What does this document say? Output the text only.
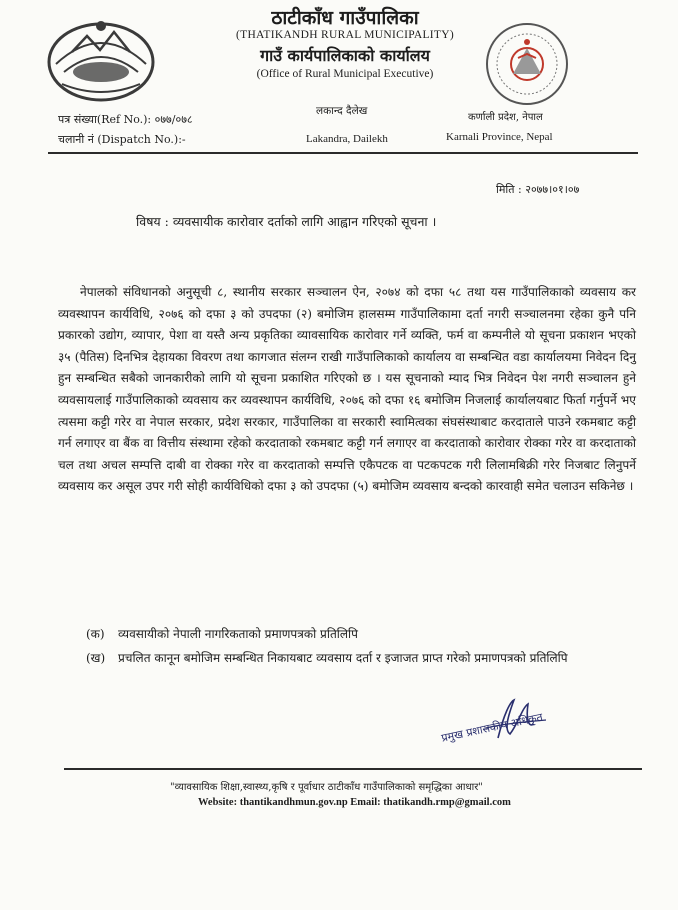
ठाटीकाँध गाउँपालिका
(THATIKANDH RURAL MUNICIPALITY)
गाउँ कार्यपालिकाको कार्यालय
(Office of Rural Municipal Executive)
लकान्द दैलेख
कर्णाली प्रदेश, नेपाल
पत्र संख्या(Ref No.): ०७७/०७८
चलानी नं (Dispatch No.):-	Lakandra, Dailekh	Karnali Province, Nepal
मिति : २०७७।०१।०७
विषय : व्यवसायीक कारोवार दर्ताको लागि आह्वान गरिएको सूचना ।
नेपालको संविधानको अनुसूची ८, स्थानीय सरकार सञ्चालन ऐन, २०७४ को दफा ५८ तथा यस गाउँपालिकाको व्यवसाय कर व्यवस्थापन कार्यविधि, २०७६ को दफा ३ को उपदफा (२) बमोजिम हालसम्म गाउँपालिकामा दर्ता नगरी सञ्चालनमा रहेका कुनै पनि प्रकारको उद्योग, व्यापार, पेशा वा यस्तै अन्य प्रकृतिका व्यावसायिक कारोवार गर्ने व्यक्ति, फर्म वा कम्पनीले यो सूचना प्रकाशन भएको ३५ (पैतिस) दिनभित्र देहायका विवरण तथा कागजात संलग्न राखी गाउँपालिकाको कार्यालय वा सम्बन्धित वडा कार्यालयमा निवेदन दिनु हुन सम्बन्धित सबैको जानकारीको लागि यो सूचना प्रकाशित गरिएको छ । यस सूचनाको म्याद भित्र निवेदन पेश नगरी सञ्चालन हुने व्यवसायलाई गाउँपालिकाको व्यवसाय कर व्यवस्थापन कार्यविधि, २०७६ को दफा १६ बमोजिम निजलाई कार्यालयबाट फिर्ता गर्नुपर्ने भए त्यसमा कट्टी गरेर वा नेपाल सरकार, प्रदेश सरकार, गाउँपालिका वा सरकारी स्वामित्वका संघसंस्थाबाट करदाताले पाउने रकमबाट कट्टी गर्न लगाएर वा बैंक वा वित्तीय संस्थामा रहेको करदाताको रकमबाट कट्टी गर्न लगाएर वा करदाताको कारोवार रोक्का गरेर वा करदाताको चल तथा अचल सम्पत्ति दाबी वा रोक्का गरेर वा करदाताको सम्पत्ति एकैपटक वा पटकपटक गरी लिलामबिक्री गरेर निजबाट लिनुपर्ने व्यवसाय कर असूल उपर गरी सोही कार्यविधिको दफा ३ को उपदफा (५) बमोजिम व्यवसाय बन्दको कारवाही समेत चलाउन सकिनेछ ।
(क) व्यवसायीको नेपाली नागरिकताको प्रमाणपत्रको प्रतिलिपि
(ख) प्रचलित कानून बमोजिम सम्बन्धित निकायबाट व्यवसाय दर्ता र इजाजत प्राप्त गरेको प्रमाणपत्रको प्रतिलिपि
प्रमुख प्रशासकीय अधिकृत
"व्यावसायिक शिक्षा,स्वास्थ्य,कृषि र पूर्वाधार ठाटीकाँध गाउँपालिकाको समृद्धिका आधार"
Website: thantikandhmun.gov.np Email: thatikandh.rmp@gmail.com
